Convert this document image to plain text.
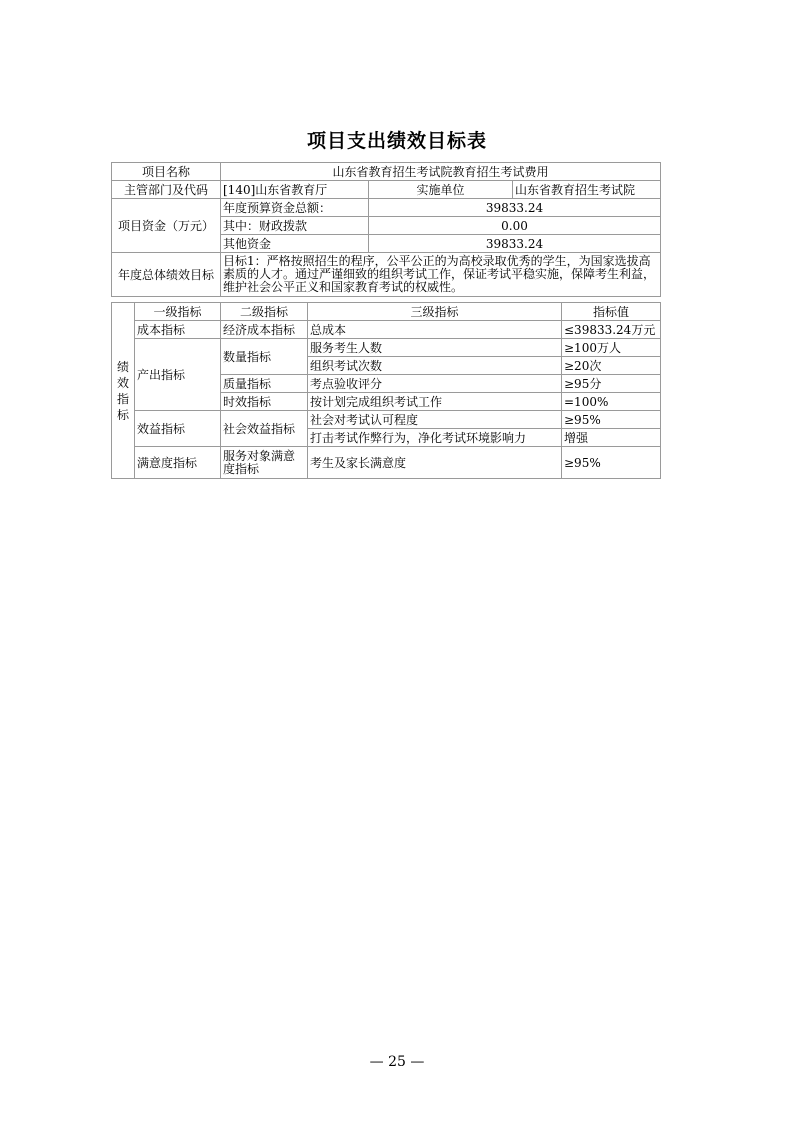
项目支出绩效目标表
项目名称	山东省教育招生考试院教育招生考试费用		
主管部门及代码	[140]山东省教育厅	实施单位	山东省教育招生考试院
项目资金（万元）	年度预算资金总额：	39833.24	
	其中：财政拨款	0.00	
	其他资金	39833.24	
年度总体绩效目标	目标1：严格按照招生的程序，公平公正的为高校录取优秀的学生，为国家选拔高素质的人才。通过严谨细致的组织考试工作，保证考试平稳实施，保障考生利益，维护社会公平正义和国家教育考试的权威性。		
绩效指标	一级指标	二级指标	三级指标	指标值
	成本指标	经济成本指标	总成本	≤39833.24万元
	产出指标	数量指标	服务考生人数	≥100万人
			组织考试次数	≥20次
		质量指标	考点验收评分	≥95分
		时效指标	按计划完成组织考试工作	=100%
	效益指标	社会效益指标	社会对考试认可程度	≥95%
			打击考试作弊行为，净化考试环境影响力	增强
	满意度指标	服务对象满意度指标	考生及家长满意度	≥95%
— 25 —
